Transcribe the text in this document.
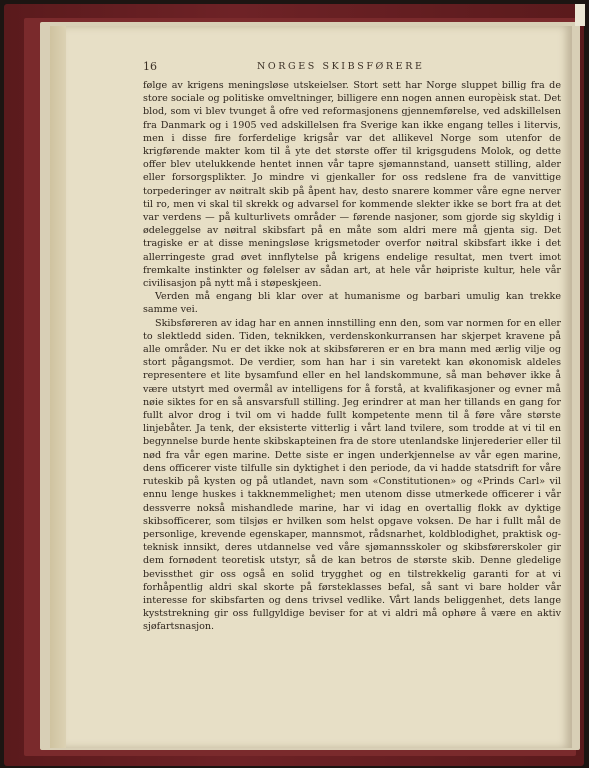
16	NORGES SKIBSFØRERE

følge av krigens meningsløse utskeielser. Stort sett har Norge sluppet billig fra de store sociale og politiske omveltninger, billigere enn nogen annen europèisk stat. Det blod, som vi blev tvunget å ofre ved reformasjonens gjennemførelse, ved adskillelsen fra Danmark og i 1905 ved adskillelsen fra Sverige kan ikke engang telles i litervis, men i disse fire forferdelige krigsår var det allikevel Norge som utenfor de krigførende makter kom til å yte det største offer til krigsgudens Molok, og dette offer blev utelukkende hentet innen vår tapre sjømannstand, uansett stilling, alder eller forsorgsplikter. Jo mindre vi gjenkaller for oss redslene fra de vanvittige torpederinger av nøitralt skib på åpent hav, desto snarere kommer våre egne nerver til ro, men vi skal til skrekk og advarsel for kommende slekter ikke se bort fra at det var verdens — på kulturlivets områder — førende nasjoner, som gjorde sig skyldig i ødeleggelse av nøitral skibsfart på en måte som aldri mere må gjenta sig. Det tragiske er at disse meningsløse krigsmetoder overfor nøitral skibsfart ikke i det allerringeste grad øvet innflytelse på krigens endelige resultat, men tvert imot fremkalte instinkter og følelser av sådan art, at hele vår høipriste kultur, hele vår civilisasjon på nytt må i støpeskjeen.

Verden må engang bli klar over at humanisme og barbari umulig kan trekke samme vei.

Skibsføreren av idag har en annen innstilling enn den, som var normen for en eller to slektledd siden. Tiden, teknikken, verdenskonkurransen har skjerpet kravene på alle områder. Nu er det ikke nok at skibsføreren er en bra mann med ærlig vilje og stort pågangsmot. De verdier, som han har i sin varetekt kan økonomisk aldeles representere et lite bysamfund eller en hel landskommune, så man behøver ikke å være utstyrt med overmål av intelligens for å forstå, at kvalifikasjoner og evner må nøie siktes for en så ansvarsfull stilling. Jeg erindrer at man her tillands en gang for fullt alvor drog i tvil om vi hadde fullt kompetente menn til å føre våre største linjebåter. Ja tenk, der eksisterte vitterlig i vårt land tvilere, som trodde at vi til en begynnelse burde hente skibskapteinen fra de store utenlandske linjerederier eller til nød fra vår egen marine. Dette siste er ingen underkjennelse av vår egen marine, dens officerer viste tilfulle sin dyktighet i den periode, da vi hadde statsdrift for våre ruteskib på kysten og på utlandet, navn som «Constitutionen» og «Prinds Carl» vil ennu lenge huskes i takknemmelighet; men utenom disse utmerkede officerer i vår dessverre nokså mishandlede marine, har vi idag en overtallig flokk av dyktige skibsofficerer, som tilsjøs er hvilken som helst opgave voksen. De har i fullt mål de personlige, krevende egenskaper, mannsmot, rådsnarhet, koldblodighet, praktisk og-teknisk innsikt, deres utdannelse ved våre sjømannsskoler og skibsførerskoler gir dem fornødent teoretisk utstyr, så de kan betros de største skib. Denne gledelige bevissthet gir oss også en solid trygghet og en tilstrekkelig garanti for at vi forhåpentlig aldri skal skorte på førsteklasses befal, så sant vi bare holder vår interesse for skibsfarten og dens trivsel vedlike. Vårt lands beliggenhet, dets lange kyststrekning gir oss fullgyldige beviser for at vi aldri må ophøre å være en aktiv sjøfartsnasjon.
